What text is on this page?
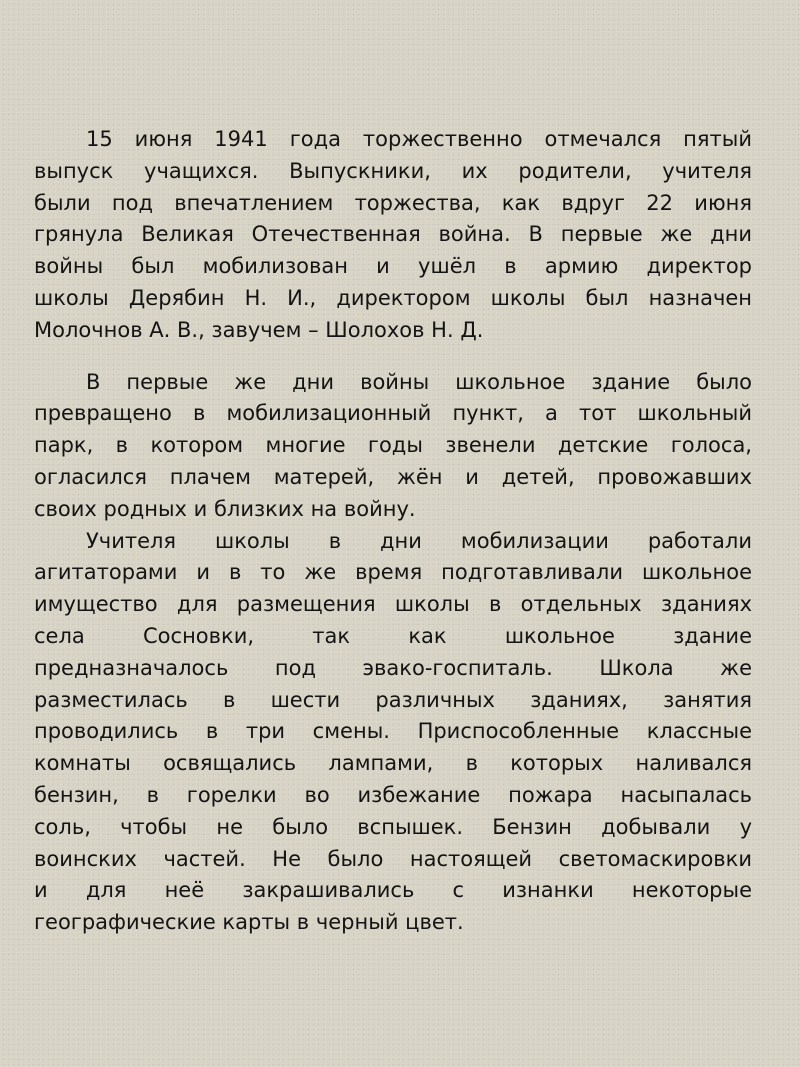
15 июня 1941 года торжественно отмечался пятый
выпуск учащихся. Выпускники, их родители, учителя
были под впечатлением торжества, как вдруг 22 июня
грянула Великая Отечественная война. В первые же дни
войны был мобилизован и ушёл в армию директор
школы Дерябин Н. И., директором школы был назначен
Молочнов А. В., завучем – Шолохов Н. Д.
В первые же дни войны школьное здание было
превращено в мобилизационный пункт, а тот школьный
парк, в котором многие годы звенели детские голоса,
огласился плачем матерей, жён и детей, провожавших
своих родных и близких на войну.
Учителя школы в дни мобилизации работали
агитаторами и в то же время подготавливали школьное
имущество для размещения школы в отдельных зданиях
села Сосновки, так как школьное здание
предназначалось под эвако-госпиталь. Школа же
разместилась в шести различных зданиях, занятия
проводились в три смены. Приспособленные классные
комнаты освящались лампами, в которых наливался
бензин, в горелки во избежание пожара насыпалась
соль, чтобы не было вспышек. Бензин добывали у
воинских частей. Не было настоящей светомаскировки
и для неё закрашивались с изнанки некоторые
географические карты в черный цвет.
